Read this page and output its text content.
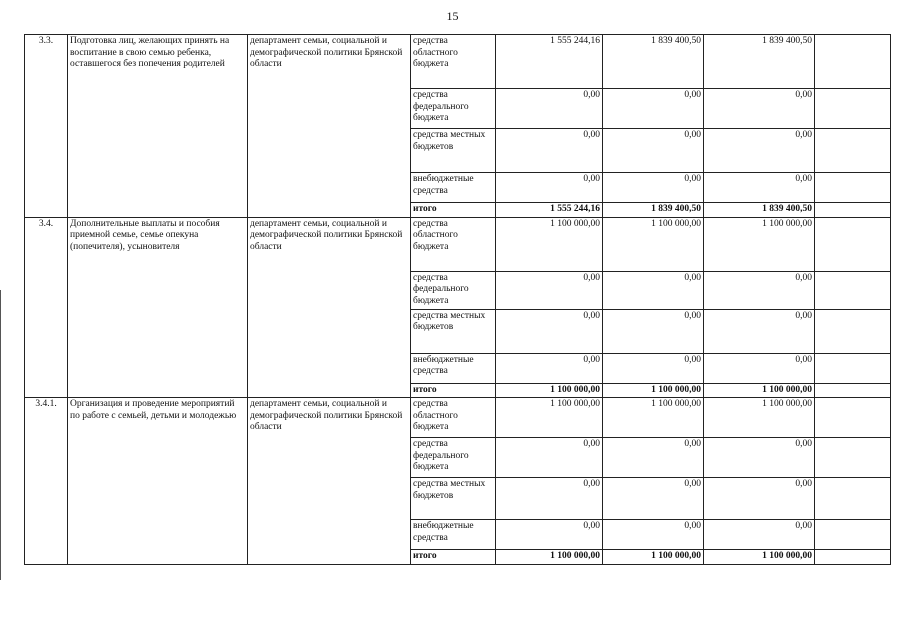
15
3.3.	Подготовка лиц, желающих принять на воспитание в свою семью ребенка, оставшегося без попечения родителей	департамент семьи, социальной и демографической политики Брянской области	средства областного бюджета	1 555 244,16	1 839 400,50	1 839 400,50	
			средства федерального бюджета	0,00	0,00	0,00	
			средства местных бюджетов	0,00	0,00	0,00	
			внебюджетные средства	0,00	0,00	0,00	
			итого	1 555 244,16	1 839 400,50	1 839 400,50	
3.4.	Дополнительные выплаты и пособия приемной семье, семье опекуна (попечителя), усыновителя	департамент семьи, социальной и демографической политики Брянской области	средства областного бюджета	1 100 000,00	1 100 000,00	1 100 000,00	
			средства федерального бюджета	0,00	0,00	0,00	
			средства местных бюджетов	0,00	0,00	0,00	
			внебюджетные средства	0,00	0,00	0,00	
			итого	1 100 000,00	1 100 000,00	1 100 000,00	
3.4.1.	Организация и проведение мероприятий по работе с семьей, детьми и молодежью	департамент семьи, социальной и демографической политики Брянской области	средства областного бюджета	1 100 000,00	1 100 000,00	1 100 000,00	
			средства федерального бюджета	0,00	0,00	0,00	
			средства местных бюджетов	0,00	0,00	0,00	
			внебюджетные средства	0,00	0,00	0,00	
			итого	1 100 000,00	1 100 000,00	1 100 000,00	
